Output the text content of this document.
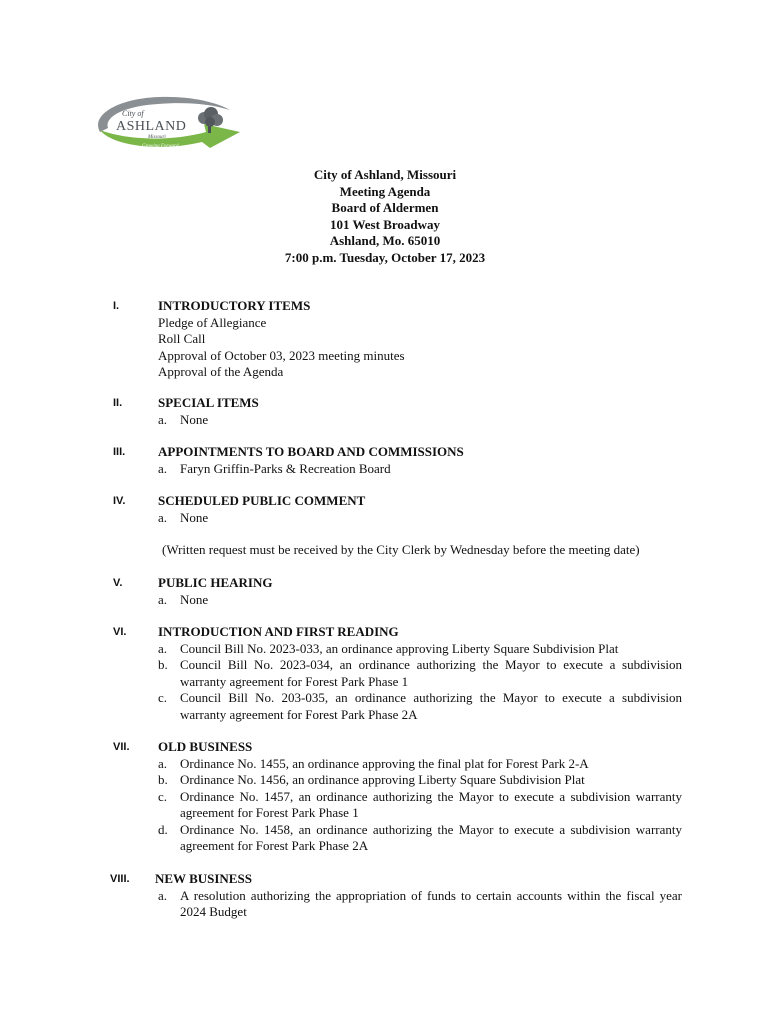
City of
ASHLAND
Missouri
Growing Forward
City of Ashland, Missouri
Meeting Agenda
Board of Aldermen
101 West Broadway
Ashland, Mo. 65010
7:00 p.m. Tuesday, October 17, 2023
I.	INTRODUCTORY ITEMS
Pledge of Allegiance
Roll Call
Approval of October 03, 2023 meeting minutes
Approval of the Agenda
II.	SPECIAL ITEMS
a. None
III.	APPOINTMENTS TO BOARD AND COMMISSIONS
a. Faryn Griffin-Parks & Recreation Board
IV.	SCHEDULED PUBLIC COMMENT
a. None
(Written request must be received by the City Clerk by Wednesday before the meeting date)
V.	PUBLIC HEARING
a. None
VI. INTRODUCTION AND FIRST READING
a. Council Bill No. 2023-033, an ordinance approving Liberty Square Subdivision Plat
b. Council Bill No. 2023-034, an ordinance authorizing the Mayor to execute a subdivision warranty agreement for Forest Park Phase 1
c. Council Bill No. 203-035, an ordinance authorizing the Mayor to execute a subdivision warranty agreement for Forest Park Phase 2A
VII. OLD BUSINESS
a. Ordinance No. 1455, an ordinance approving the final plat for Forest Park 2-A
b. Ordinance No. 1456, an ordinance approving Liberty Square Subdivision Plat
c. Ordinance No. 1457, an ordinance authorizing the Mayor to execute a subdivision warranty agreement for Forest Park Phase 1
d. Ordinance No. 1458, an ordinance authorizing the Mayor to execute a subdivision warranty agreement for Forest Park Phase 2A
VIII. NEW BUSINESS
a. A resolution authorizing the appropriation of funds to certain accounts within the fiscal year 2024 Budget
